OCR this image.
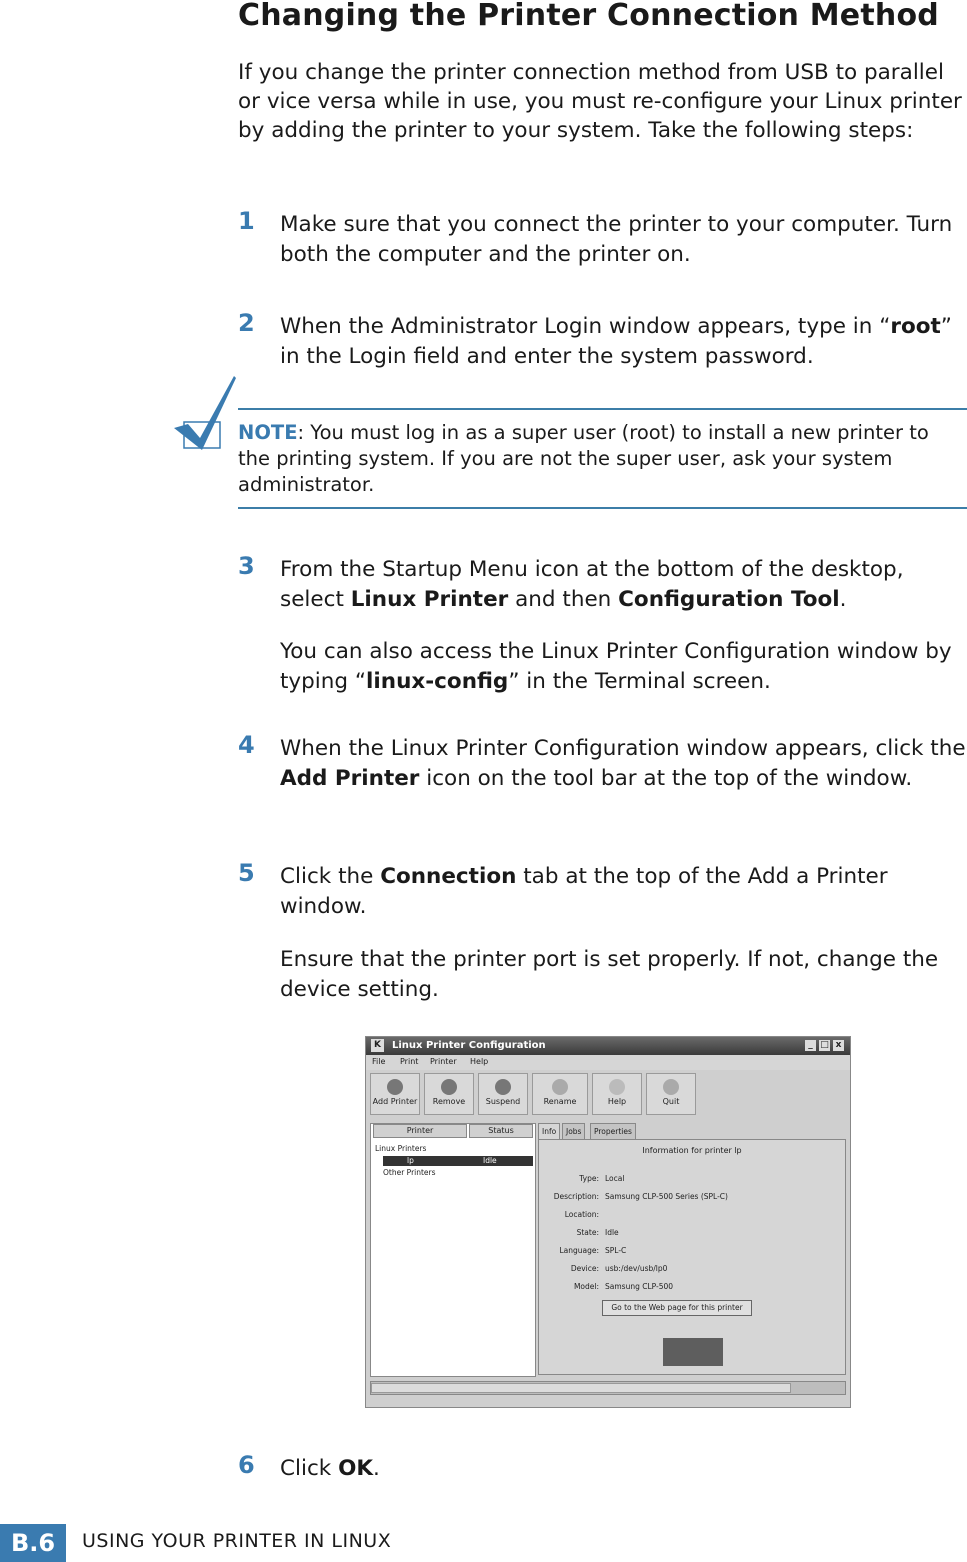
Changing the Printer Connection Method

If you change the printer connection method from USB to parallel or vice versa while in use, you must re-configure your Linux printer by adding the printer to your system. Take the following steps:

1 Make sure that you connect the printer to your computer. Turn both the computer and the printer on.
2 When the Administrator Login window appears, type in “root” in the Login field and enter the system password.

NOTE: You must log in as a super user (root) to install a new printer to the printing system. If you are not the super user, ask your system administrator.

3 From the Startup Menu icon at the bottom of the desktop, select Linux Printer and then Configuration Tool.

You can also access the Linux Printer Configuration window by typing “linux-config” in the Terminal screen.

4 When the Linux Printer Configuration window appears, click the Add Printer icon on the tool bar at the top of the window.
5 Click the Connection tab at the top of the Add a Printer window.

Ensure that the printer port is set properly. If not, change the device setting.

K	Linux Printer Configuration	_ □ x
File Print Printer Help
Add Printer	Remove	Suspend	Rename	Help	Quit
Printer	Status
Linux Printers
lp	Idle
Other Printers
Info	Jobs	Properties
Information for printer lp
Type: Local
Description: Samsung CLP-500 Series (SPL-C)
Location:
State: Idle
Language: SPL-C
Device: usb:/dev/usb/lp0
Model: Samsung CLP-500
Go to the Web page for this printer
6 Click OK.
B.6	USING YOUR PRINTER IN LINUX
